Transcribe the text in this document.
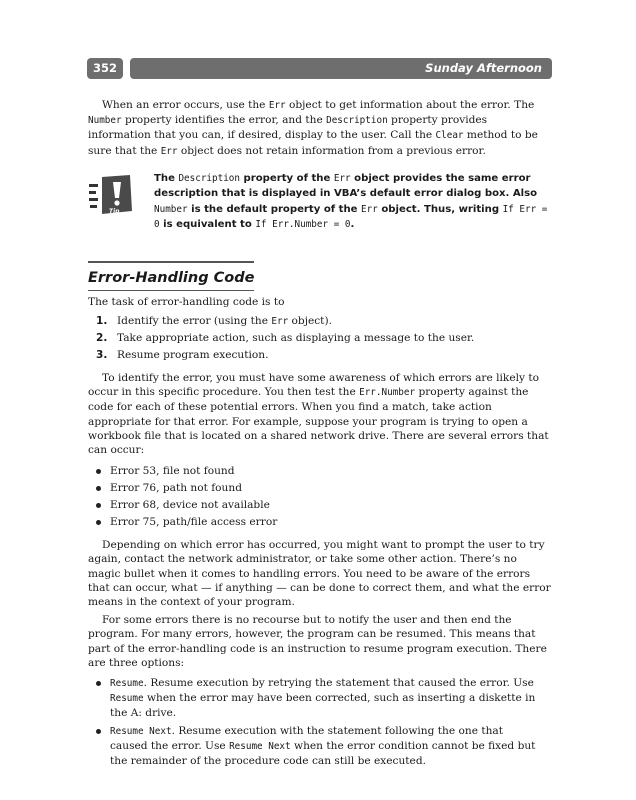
352	Sunday Afternoon

When an error occurs, use the Err object to get information about the error. The Number property identifies the error, and the Description property provides information that you can, if desired, display to the user. Call the Clear method to be sure that the Err object does not retain information from a previous error.

Tip
The Description property of the Err object provides the same error description that is displayed in VBA’s default error dialog box. Also Number is the default property of the Err object. Thus, writing If Err = 0 is equivalent to If Err.Number = 0.
Error-Handling Code

The task of error-handling code is to

1. Identify the error (using the Err object).
2. Take appropriate action, such as displaying a message to the user.
3. Resume program execution.

To identify the error, you must have some awareness of which errors are likely to occur in this specific procedure. You then test the Err.Number property against the code for each of these potential errors. When you find a match, take action appropriate for that error. For example, suppose your program is trying to open a workbook file that is located on a shared network drive. There are several errors that can occur:

Error 53, file not found
Error 76, path not found
Error 68, device not available
Error 75, path/file access error

Depending on which error has occurred, you might want to prompt the user to try again, contact the network administrator, or take some other action. There’s no magic bullet when it comes to handling errors. You need to be aware of the errors that can occur, what — if anything — can be done to correct them, and what the error means in the context of your program.

For some errors there is no recourse but to notify the user and then end the program. For many errors, however, the program can be resumed. This means that part of the error-handling code is an instruction to resume program execution. There are three options:

Resume. Resume execution by retrying the statement that caused the error. Use Resume when the error may have been corrected, such as inserting a diskette in the A: drive.
Resume Next. Resume execution with the statement following the one that caused the error. Use Resume Next when the error condition cannot be fixed but the remainder of the procedure code can still be executed.
